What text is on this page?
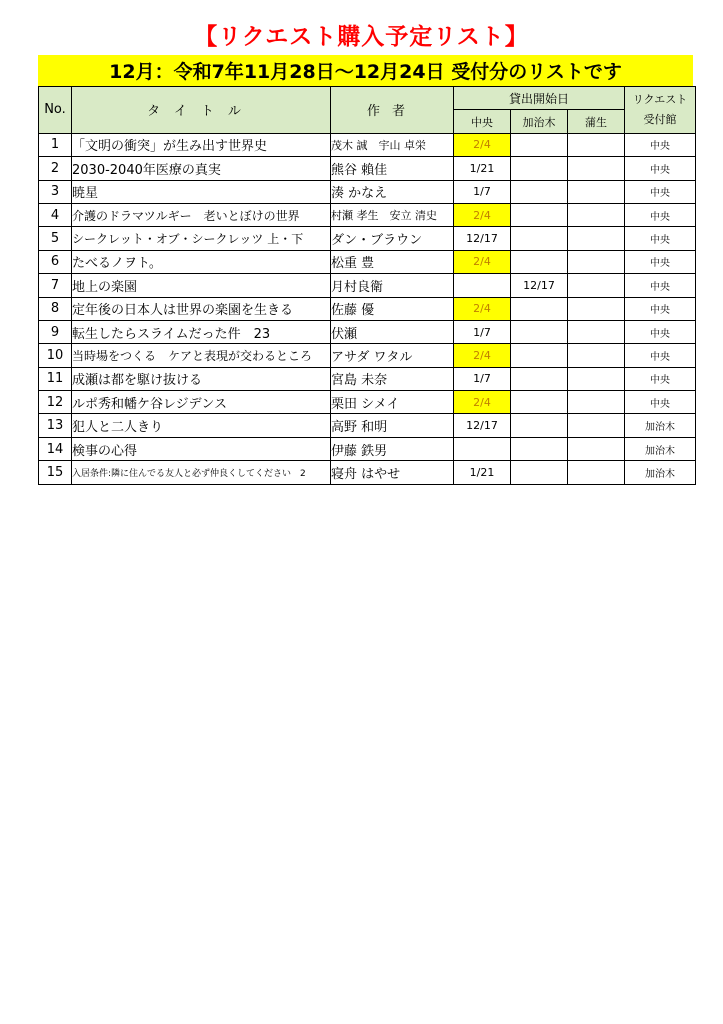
【リクエスト購入予定リスト】
12月：令和7年11月28日～12月24日 受付分のリストです
No.	タイトル	作者	貸出開始日			リクエスト
受付館

			中央	加治木	蒲生	
1	「文明の衝突」が生み出す世界史	茂木 誠　宇山 卓栄	2/4			中央
2	2030-2040年医療の真実	熊谷 賴佳	1/21			中央
3	暁星	湊 かなえ	1/7			中央
4	介護のドラマツルギー　老いとぼけの世界	村瀬 孝生　安立 清史	2/4			中央
5	シークレット・オブ・シークレッツ 上・下	ダン・ブラウン	12/17			中央
6	たべるノヲト。	松重 豊	2/4			中央
7	地上の楽園	月村良衛		12/17		中央
8	定年後の日本人は世界の楽園を生きる	佐藤 優	2/4			中央
9	転生したらスライムだった件　23	伏瀬	1/7			中央
10	当時場をつくる　ケアと表現が交わるところ	アサダ ワタル	2/4			中央
11	成瀬は都を駆け抜ける	宮島 未奈	1/7			中央
12	ルポ秀和幡ケ谷レジデンス	栗田 シメイ	2/4			中央
13	犯人と二人きり	高野 和明	12/17			加治木
14	検事の心得	伊藤 鉄男				加治木
15	入居条件:隣に住んでる友人と必ず仲良くしてください　2	寝舟 はやせ	1/21			加治木
